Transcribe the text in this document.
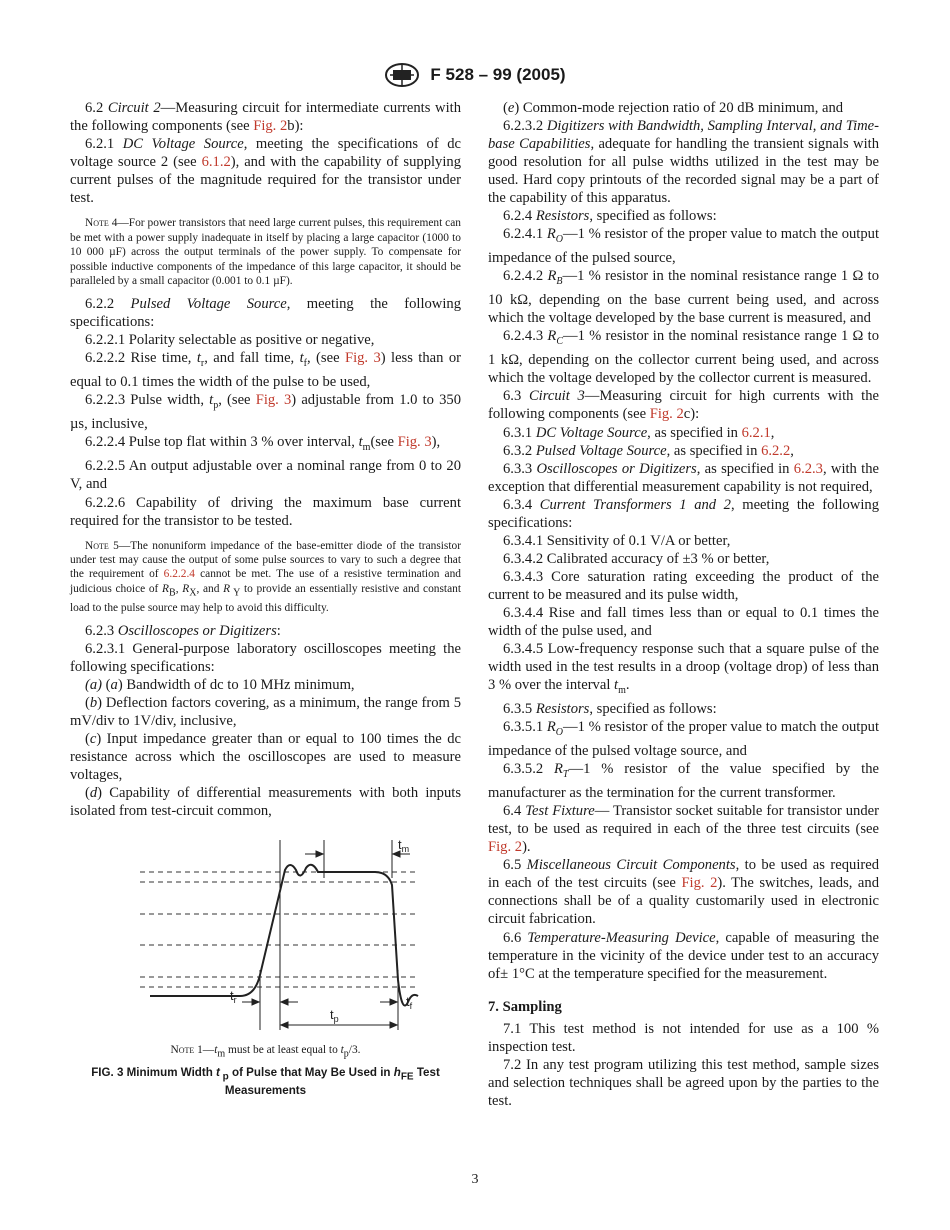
F 528 – 99 (2005)

6.2 Circuit 2—Measuring circuit for intermediate currents with the following components (see Fig. 2b):

6.2.1 DC Voltage Source, meeting the specifications of dc voltage source 2 (see 6.1.2), and with the capability of supplying current pulses of the magnitude required for the transistor under test.

Note 4—For power transistors that need large current pulses, this requirement can be met with a power supply inadequate in itself by placing a large capacitor (1000 to 10 000 µF) across the output terminals of the power supply. To compensate for possible inductive components of the impedance of this large capacitor, it should be paralleled by a small capacitor (0.001 to 0.1 µF).

6.2.2 Pulsed Voltage Source, meeting the following specifications:

6.2.2.1 Polarity selectable as positive or negative,

6.2.2.2 Rise time, $t_r$, and fall time, $t_f$, (see Fig. 3) less than or equal to 0.1 times the width of the pulse to be used,

6.2.2.3 Pulse width, $t_p$, (see Fig. 3) adjustable from 1.0 to 350 µs, inclusive,

6.2.2.4 Pulse top flat within 3 % over interval, $t_m(see$ Fig. 3),

6.2.2.5 An output adjustable over a nominal range from 0 to 20 V, and

6.2.2.6 Capability of driving the maximum base current required for the transistor to be tested.

Note 5—The nonuniform impedance of the base-emitter diode of the transistor under test may cause the output of some pulse sources to vary to such a degree that the requirement of 6.2.2.4 cannot be met. The use of a resistive termination and judicious choice of $R_B$, $R_X$, and R $_Y$ to provide an essentially resistive and constant load to the pulse source may help to avoid this difficulty.

6.2.3 Oscilloscopes or Digitizers:

6.2.3.1 General-purpose laboratory oscilloscopes meeting the following specifications:

(a) (a) Bandwidth of dc to 10 MHz minimum,

(b) Deflection factors covering, as a minimum, the range from 5 mV/div to 1V/div, inclusive,

(c) Input impedance greater than or equal to 100 times the dc resistance across which the oscilloscopes are used to measure voltages,

(d) Capability of differential measurements with both inputs isolated from test-circuit common,

$t_m$
$t_r$	$t_f$
$t_p$
Note $1—t_m$ must be at least equal to $t_p/3$.
FIG. 3 Minimum Width t $_p$ of Pulse that May Be Used in $h_{FE}$ Test Measurements

(e) Common-mode rejection ratio of 20 dB minimum, and

6.2.3.2 Digitizers with Bandwidth, Sampling Interval, and Time-base Capabilities, adequate for handling the transient signals with good resolution for all pulse widths utilized in the test may be used. Hard copy printouts of the recorded signal may be a part of the capability of this apparatus.

6.2.4 Resistors, specified as follows:

6.2.4.1 $R_O—1$ % resistor of the proper value to match the output impedance of the pulsed source,

6.2.4.2 $R_B—1$ % resistor in the nominal resistance range 1 Ω to 10 kΩ, depending on the base current being used, and across which the voltage developed by the base current is measured, and

6.2.4.3 $R_C—1$ % resistor in the nominal resistance range 1 Ω to 1 kΩ, depending on the collector current being used, and across which the voltage developed by the collector current is measured.

6.3 Circuit 3—Measuring circuit for high currents with the following components (see Fig. 2c):

6.3.1 DC Voltage Source, as specified in 6.2.1,

6.3.2 Pulsed Voltage Source, as specified in 6.2.2,

6.3.3 Oscilloscopes or Digitizers, as specified in 6.2.3, with the exception that differential measurement capability is not required,

6.3.4 Current Transformers 1 and 2, meeting the following specifications:

6.3.4.1 Sensitivity of 0.1 V/A or better,

6.3.4.2 Calibrated accuracy of ±3 % or better,

6.3.4.3 Core saturation rating exceeding the product of the current to be measured and its pulse width,

6.3.4.4 Rise and fall times less than or equal to 0.1 times the width of the pulse used, and

6.3.4.5 Low-frequency response such that a square pulse of the width used in the test results in a droop (voltage drop) of less than 3 % over the interval $t_m$.

6.3.5 Resistors, specified as follows:

6.3.5.1 $R_O—1$ % resistor of the proper value to match the output impedance of the pulsed voltage source, and

6.3.5.2 $R_T—1$ % resistor of the value specified by the manufacturer as the termination for the current transformer.

6.4 Test Fixture— Transistor socket suitable for transistor under test, to be used as required in each of the three test circuits (see Fig. 2).

6.5 Miscellaneous Circuit Components, to be used as required in each of the test circuits (see Fig. 2). The switches, leads, and connections shall be of a quality customarily used in electronic circuit fabrication.

6.6 Temperature-Measuring Device, capable of measuring the temperature in the vicinity of the device under test to an accuracy of± 1°C at the temperature specified for the measurement.

7. Sampling

7.1 This test method is not intended for use as a 100 % inspection test.

7.2 In any test program utilizing this test method, sample sizes and selection techniques shall be agreed upon by the parties to the test.

3
